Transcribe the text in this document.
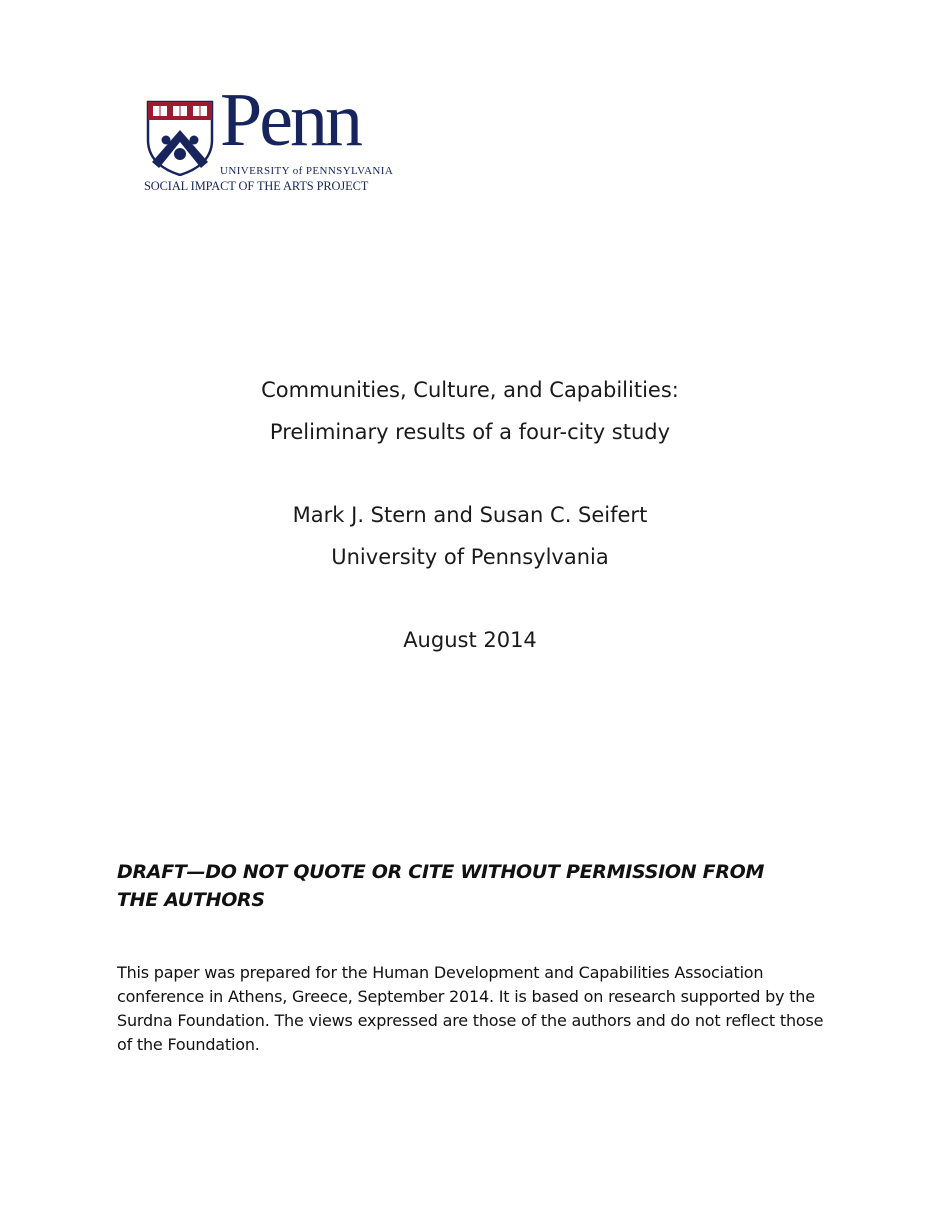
Penn
UNIVERSITY of PENNSYLVANIA
SOCIAL IMPACT OF THE ARTS PROJECT
Communities, Culture, and Capabilities:
Preliminary results of a four-city study
Mark J. Stern and Susan C. Seifert
University of Pennsylvania
August 2014
DRAFT—DO NOT QUOTE OR CITE WITHOUT PERMISSION FROM THE AUTHORS
This paper was prepared for the Human Development and Capabilities Association conference in Athens, Greece, September 2014. It is based on research supported by the Surdna Foundation. The views expressed are those of the authors and do not reflect those of the Foundation.
